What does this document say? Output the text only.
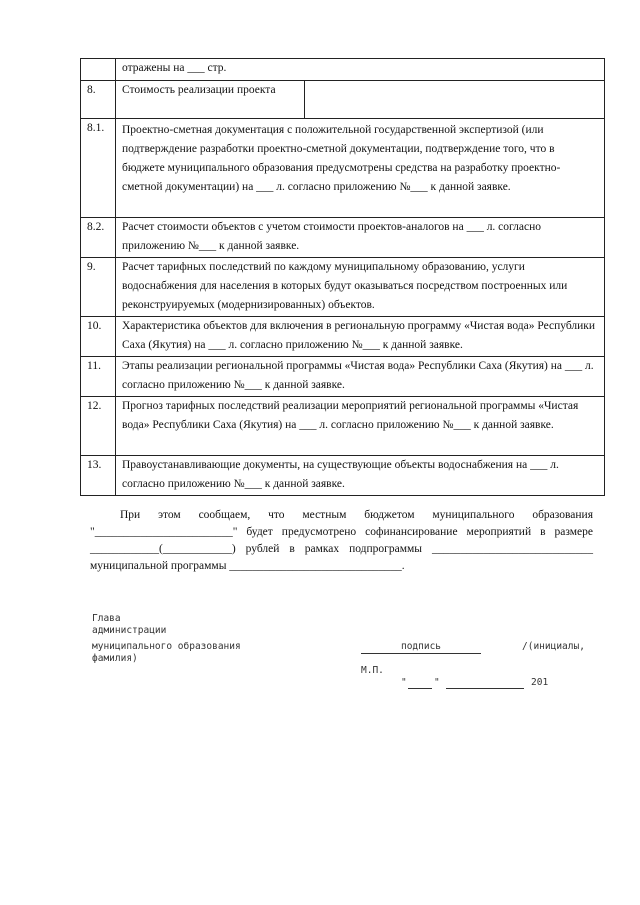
	отражены на ___ стр.
8.	Стоимость реализации проекта

8.1.	Проектно-сметная документация с положительной государственной экспертизой (или подтверждение разработки проектно-сметной документации, подтверждение того, что в бюджете муниципального образования предусмотрены средства на разработку проектно-сметной документации) на ___ л. согласно приложению №___ к данной заявке.
8.2.	Расчет стоимости объектов с учетом стоимости проектов-аналогов на ___ л. согласно приложению №___ к данной заявке.
9.	Расчет тарифных последствий по каждому муниципальному образованию, услуги водоснабжения для населения в которых будут оказываться посредством построенных или реконструируемых (модернизированных) объектов.
10.	Характеристика объектов для включения в региональную программу «Чистая вода» Республики Саха (Якутия) на ___ л. согласно приложению №___ к данной заявке.
11.	Этапы реализации региональной программы «Чистая вода» Республики Саха (Якутия) на ___ л. согласно приложению №___ к данной заявке.
12.	Прогноз тарифных последствий реализации мероприятий региональной программы «Чистая вода» Республики Саха (Якутия) на ___ л. согласно приложению №___ к данной заявке.
13.	Правоустанавливающие документы, на существующие объекты водоснабжения на ___ л. согласно приложению №___ к данной заявке.
При этом сообщаем, что местным бюджетом муниципального образования "________________________" будет предусмотрено софинансирование мероприятий в размере ____________(____________) рублей в рамках подпрограммы ____________________________ муниципальной программы ______________________________.
Глава
администрации
муниципального образования
фамилия)
подпись	/(инициалы,
М.П.
"	"	201
